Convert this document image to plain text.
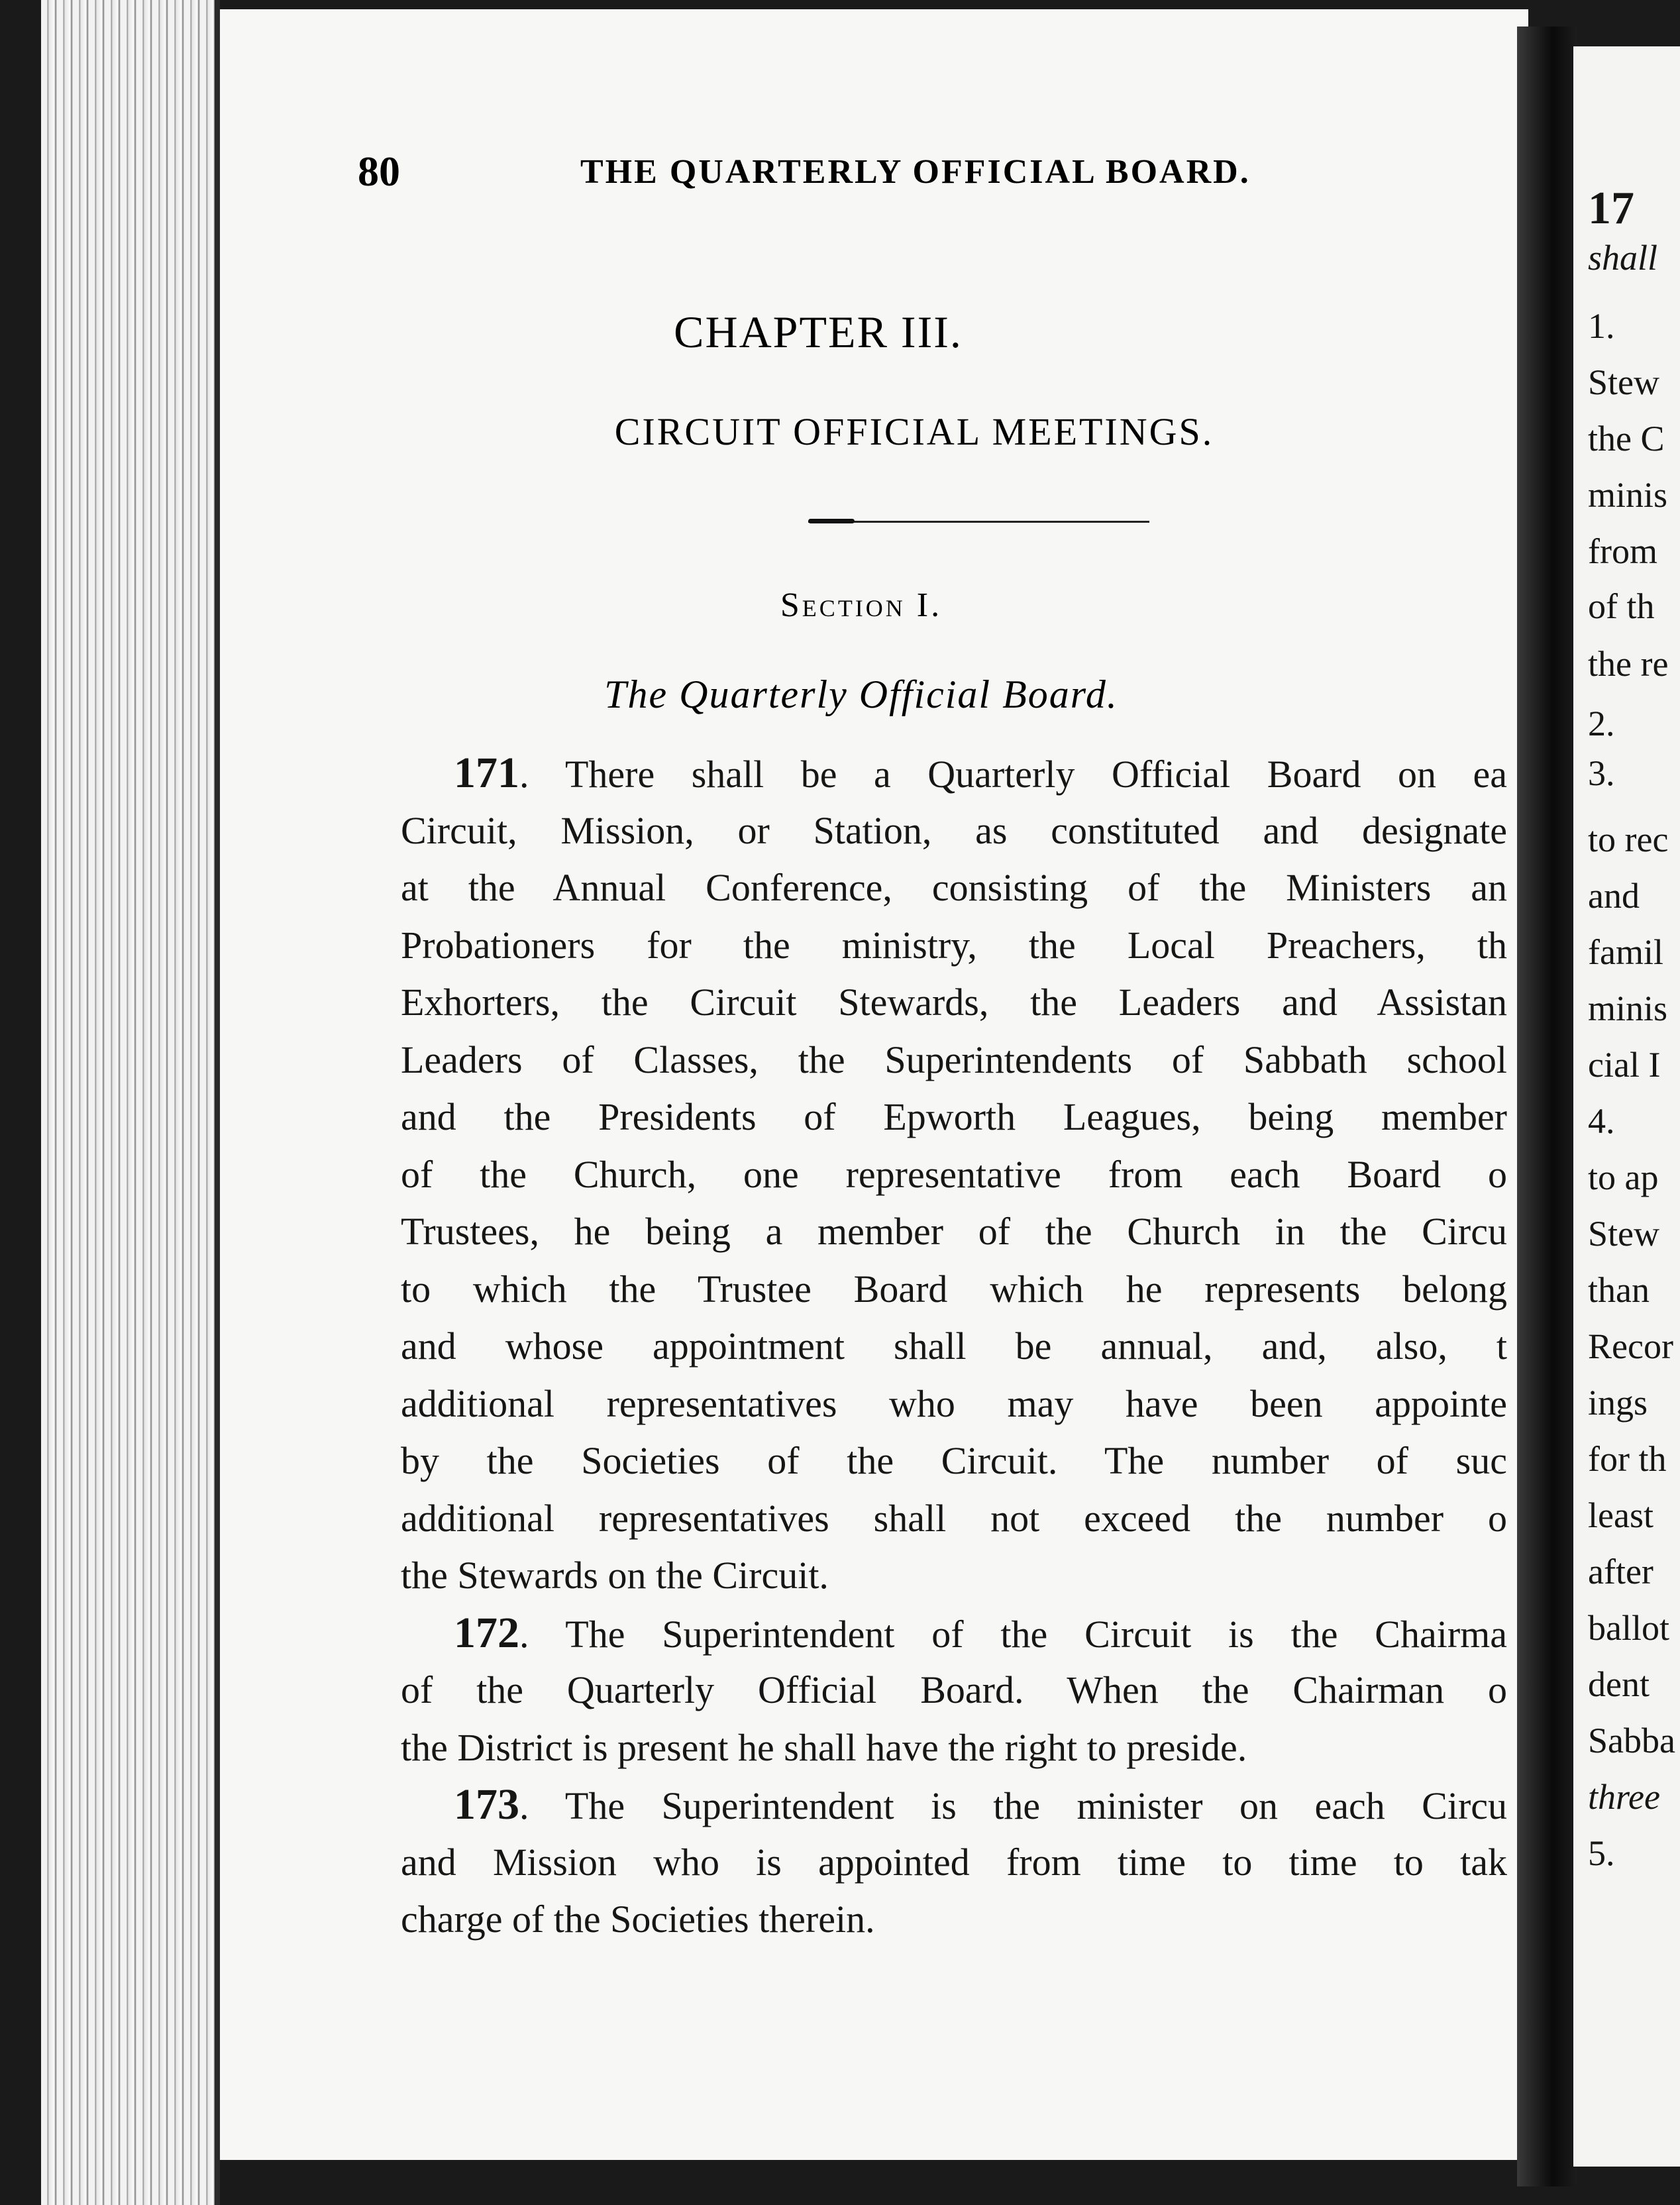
80	THE QUARTERLY OFFICIAL BOARD.
CHAPTER III.
CIRCUIT OFFICIAL MEETINGS.
Section I.
The Quarterly Official Board.
171. There shall be a Quarterly Official Board on ea
Circuit, Mission, or Station, as constituted and designate
at the Annual Conference, consisting of the Ministers an
Probationers for the ministry, the Local Preachers, th
Exhorters, the Circuit Stewards, the Leaders and Assistan
Leaders of Classes, the Superintendents of Sabbath school
and the Presidents of Epworth Leagues, being member
of the Church, one representative from each Board o
Trustees, he being a member of the Church in the Circu
to which the Trustee Board which he represents belong
and whose appointment shall be annual, and, also, t
additional representatives who may have been appointe
by the Societies of the Circuit. The number of suc
additional representatives shall not exceed the number o
the Stewards on the Circuit.
172. The Superintendent of the Circuit is the Chairma
of the Quarterly Official Board. When the Chairman o
the District is present he shall have the right to preside.
173. The Superintendent is the minister on each Circu
and Mission who is appointed from time to time to tak
charge of the Societies therein.
17
shall
1.
Stew
the C
minis
from
of th
the re
2.
3.
to rec
and
famil
minis
cial I
4.
to ap
Stew
than
Recor
ings
for th
least
after
ballot
dent
Sabba
three
5.
